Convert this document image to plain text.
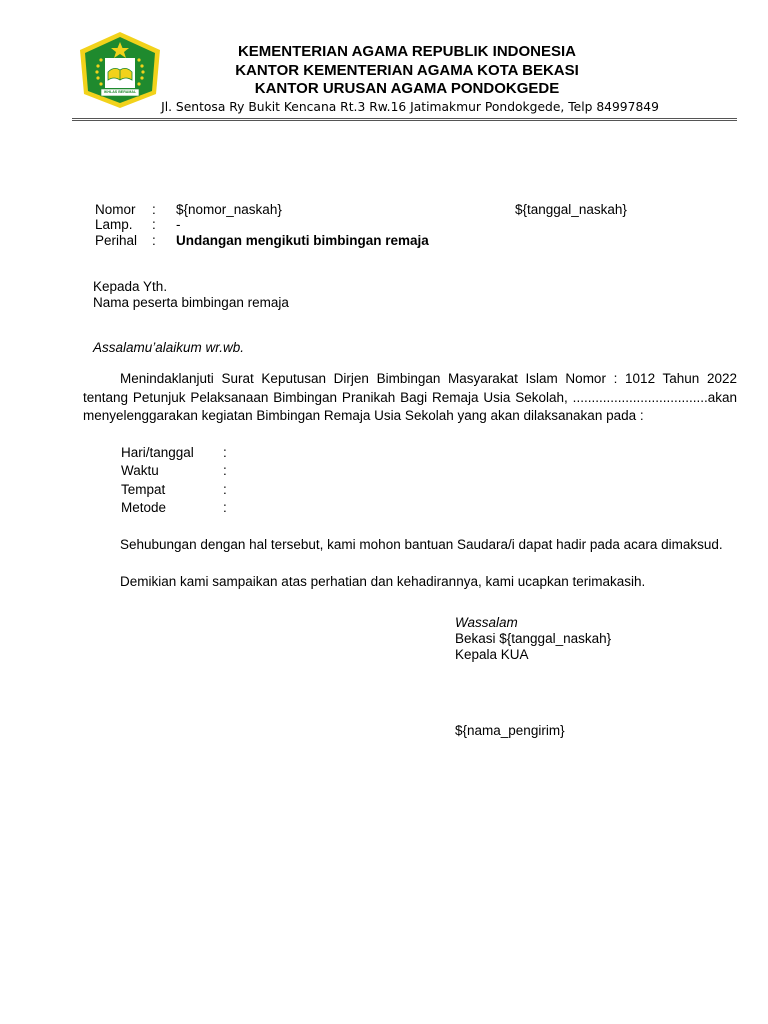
IKHLAS BERAMAL
KEMENTERIAN AGAMA REPUBLIK INDONESIA
KANTOR KEMENTERIAN AGAMA KOTA BEKASI
KANTOR URUSAN AGAMA PONDOKGEDE
Jl. Sentosa Ry Bukit Kencana Rt.3 Rw.16 Jatimakmur Pondokgede, Telp 84997849
Nomor : ${nomor_naskah}	${tanggal_naskah}
Lamp. : -
Perihal : Undangan mengikuti bimbingan remaja
Kepada Yth.
Nama peserta bimbingan remaja
Assalamu’alaikum wr.wb.
Menindaklanjuti Surat Keputusan Dirjen Bimbingan Masyarakat Islam Nomor : 1012 Tahun 2022 tentang Petunjuk Pelaksanaan Bimbingan Pranikah Bagi Remaja Usia Sekolah, ....................................akan menyelenggarakan kegiatan Bimbingan Remaja Usia Sekolah yang akan dilaksanakan pada :
Hari/tanggal :
Waktu	:
Tempat	:
Metode	:
Sehubungan dengan hal tersebut, kami mohon bantuan Saudara/i dapat hadir pada acara dimaksud.
Demikian kami sampaikan atas perhatian dan kehadirannya, kami ucapkan terimakasih.
Wassalam
Bekasi ${tanggal_naskah}
Kepala KUA
${nama_pengirim}
